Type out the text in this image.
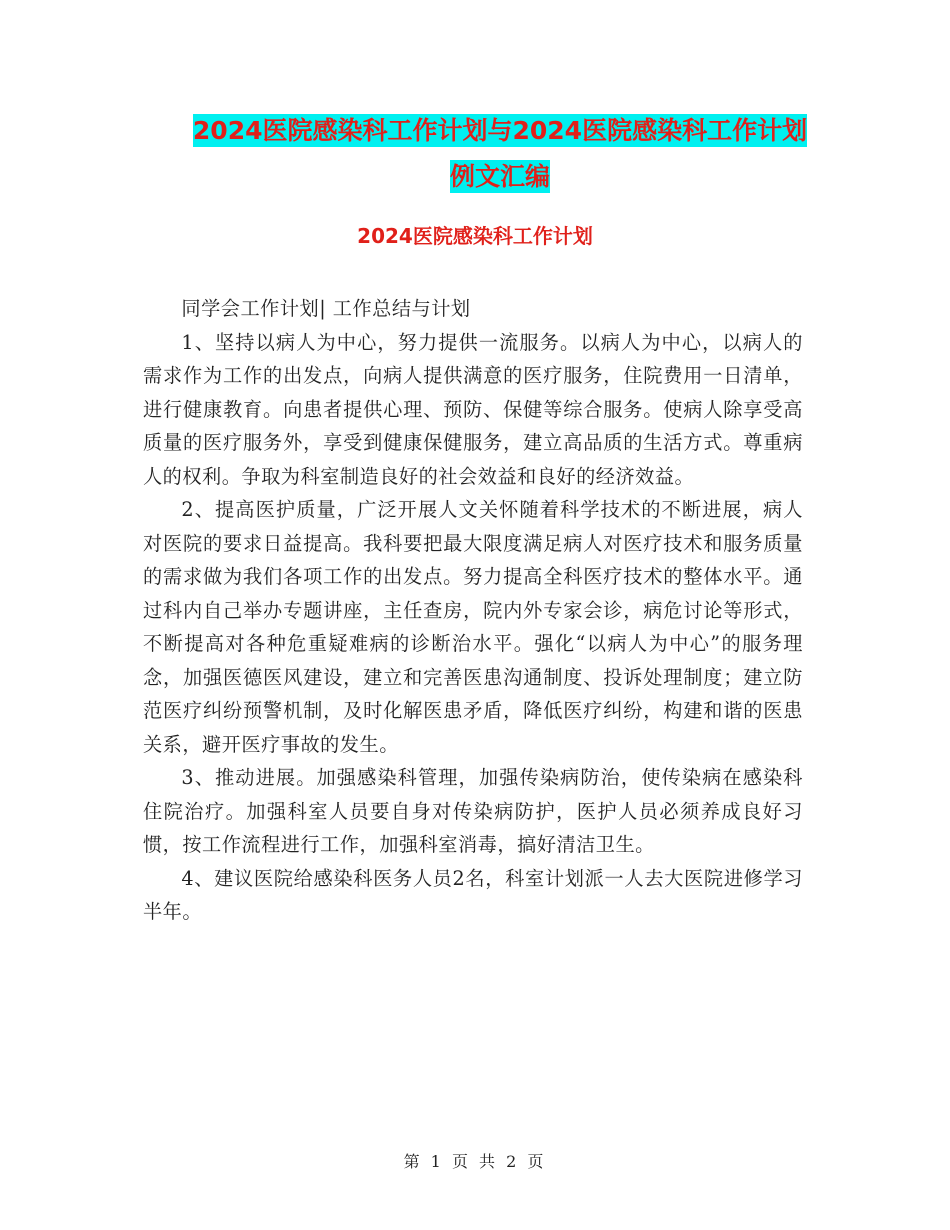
2024医院感染科工作计划与2024医院感染科工作计划
例文汇编
2024医院感染科工作计划

同学会工作计划| 工作总结与计划

1、坚持以病人为中心，努力提供一流服务。以病人为中心，以病人的需求作为工作的出发点，向病人提供满意的医疗服务，住院费用一日清单，进行健康教育。向患者提供心理、预防、保健等综合服务。使病人除享受高质量的医疗服务外，享受到健康保健服务，建立高品质的生活方式。尊重病人的权利。争取为科室制造良好的社会效益和良好的经济效益。

2、提高医护质量，广泛开展人文关怀随着科学技术的不断进展，病人对医院的要求日益提高。我科要把最大限度满足病人对医疗技术和服务质量的需求做为我们各项工作的出发点。努力提高全科医疗技术的整体水平。通过科内自己举办专题讲座，主任查房，院内外专家会诊，病危讨论等形式，不断提高对各种危重疑难病的诊断治水平。强化“以病人为中心”的服务理念，加强医德医风建设，建立和完善医患沟通制度、投诉处理制度；建立防范医疗纠纷预警机制，及时化解医患矛盾，降低医疗纠纷，构建和谐的医患关系，避开医疗事故的发生。

3、推动进展。加强感染科管理，加强传染病防治，使传染病在感染科住院治疗。加强科室人员要自身对传染病防护，医护人员必须养成良好习惯，按工作流程进行工作，加强科室消毒，搞好清洁卫生。

4、建议医院给感染科医务人员2名，科室计划派一人去大医院进修学习半年。

第 1 页 共 2 页
